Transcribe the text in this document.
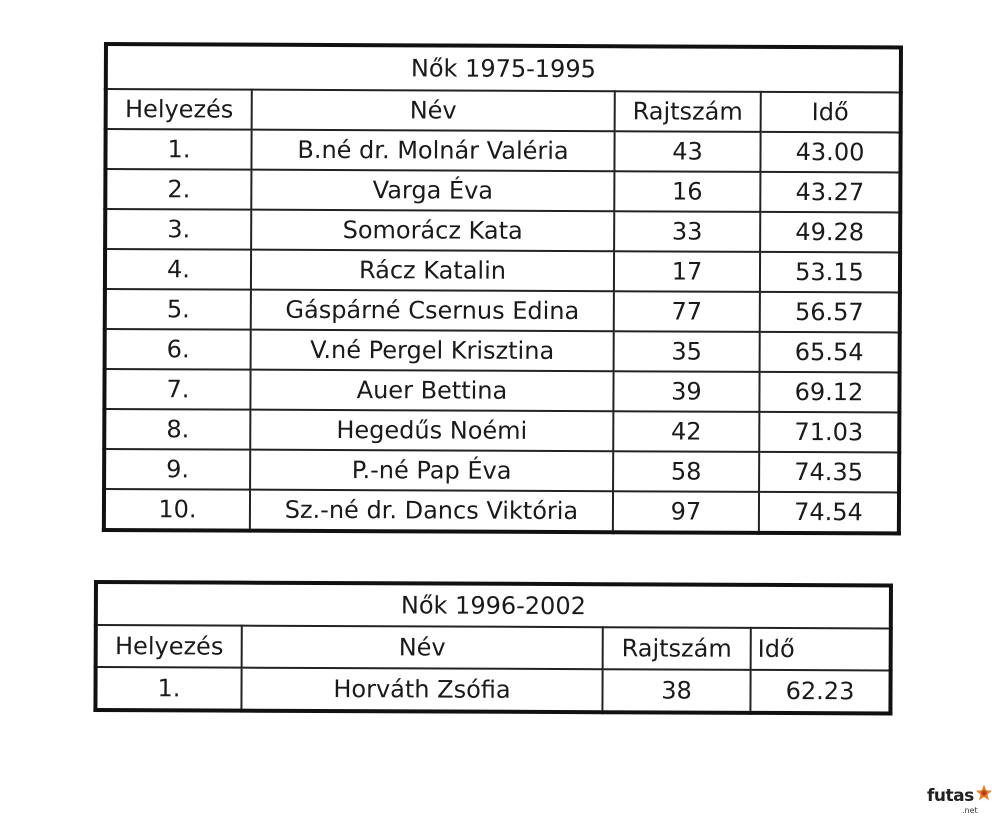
Nők 1975-1995			
Helyezés	Név	Rajtszám	Idő
1.	B.né dr. Molnár Valéria	43	43.00
2.	Varga Éva	16	43.27
3.	Somorácz Kata	33	49.28
4.	Rácz Katalin	17	53.15
5.	Gáspárné Csernus Edina	77	56.57
6.	V.né Pergel Krisztina	35	65.54
7.	Auer Bettina	39	69.12
8.	Hegedűs Noémi	42	71.03
9.	P.-né Pap Éva	58	74.35
10.	Sz.-né dr. Dancs Viktória	97	74.54
Nők 1996-2002			
Helyezés	Név	Rajtszám	Idő
1.	Horváth Zsófia	38	62.23
futas
.net
